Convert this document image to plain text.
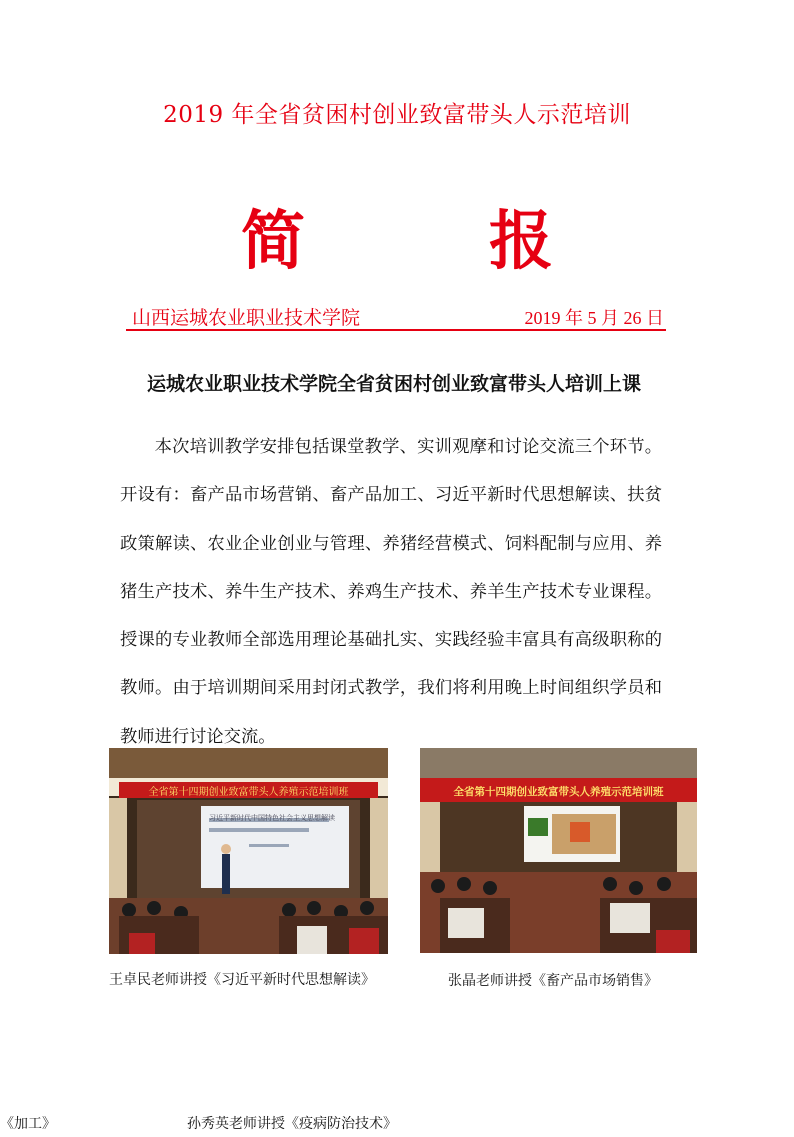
2019 年全省贫困村创业致富带头人示范培训
简　报
山西运城农业职业技术学院	2019 年 5 月 26 日
运城农业职业技术学院全省贫困村创业致富带头人培训上课
本次培训教学安排包括课堂教学、实训观摩和讨论交流三个环节。开设有：畜产品市场营销、畜产品加工、习近平新时代思想解读、扶贫政策解读、农业企业创业与管理、养猪经营模式、饲料配制与应用、养猪生产技术、养牛生产技术、养鸡生产技术、养羊生产技术专业课程。授课的专业教师全部选用理论基础扎实、实践经验丰富具有高级职称的教师。由于培训期间采用封闭式教学，我们将利用晚上时间组织学员和教师进行讨论交流。
全省第十四期创业致富带头人养殖示范培训班
习近平新时代中国特色社会主义思想解读
王卓民老师讲授《习近平新时代思想解读》
全省第十四期创业致富带头人养殖示范培训班
张晶老师讲授《畜产品市场销售》
《加工》	孙秀英老师讲授《疫病防治技术》
